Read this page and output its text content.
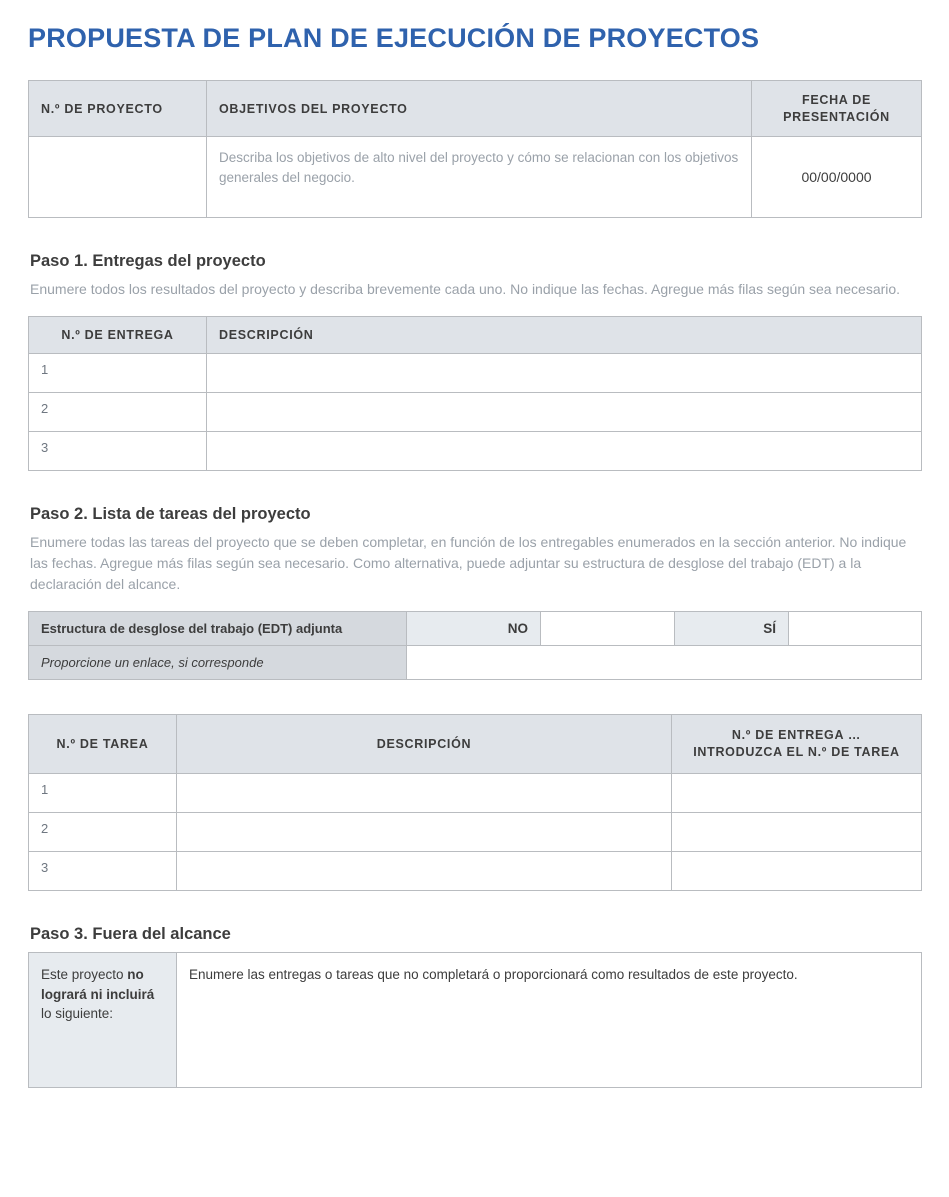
PROPUESTA DE PLAN DE EJECUCIÓN DE PROYECTOS
N.º DE PROYECTO	OBJETIVOS DEL PROYECTO	FECHA DE PRESENTACIÓN
	Describa los objetivos de alto nivel del proyecto y cómo se relacionan con los objetivos generales del negocio.	00/00/0000
Paso 1. Entregas del proyecto
Enumere todos los resultados del proyecto y describa brevemente cada uno. No indique las fechas. Agregue más filas según sea necesario.
N.º DE ENTREGA	DESCRIPCIÓN
1	
2	
3	
Paso 2. Lista de tareas del proyecto
Enumere todas las tareas del proyecto que se deben completar, en función de los entregables enumerados en la sección anterior. No indique las fechas. Agregue más filas según sea necesario. Como alternativa, puede adjuntar su estructura de desglose del trabajo (EDT) a la declaración del alcance.
Estructura de desglose del trabajo (EDT) adjunta	NO		SÍ	
Proporcione un enlace, si corresponde				
N.º DE TAREA	DESCRIPCIÓN	N.º DE ENTREGA …
INTRODUZCA EL N.º DE TAREA
1		
2		
3		
Paso 3. Fuera del alcance
Este proyecto no logrará ni incluirá lo siguiente:	Enumere las entregas o tareas que no completará o proporcionará como resultados de este proyecto.
